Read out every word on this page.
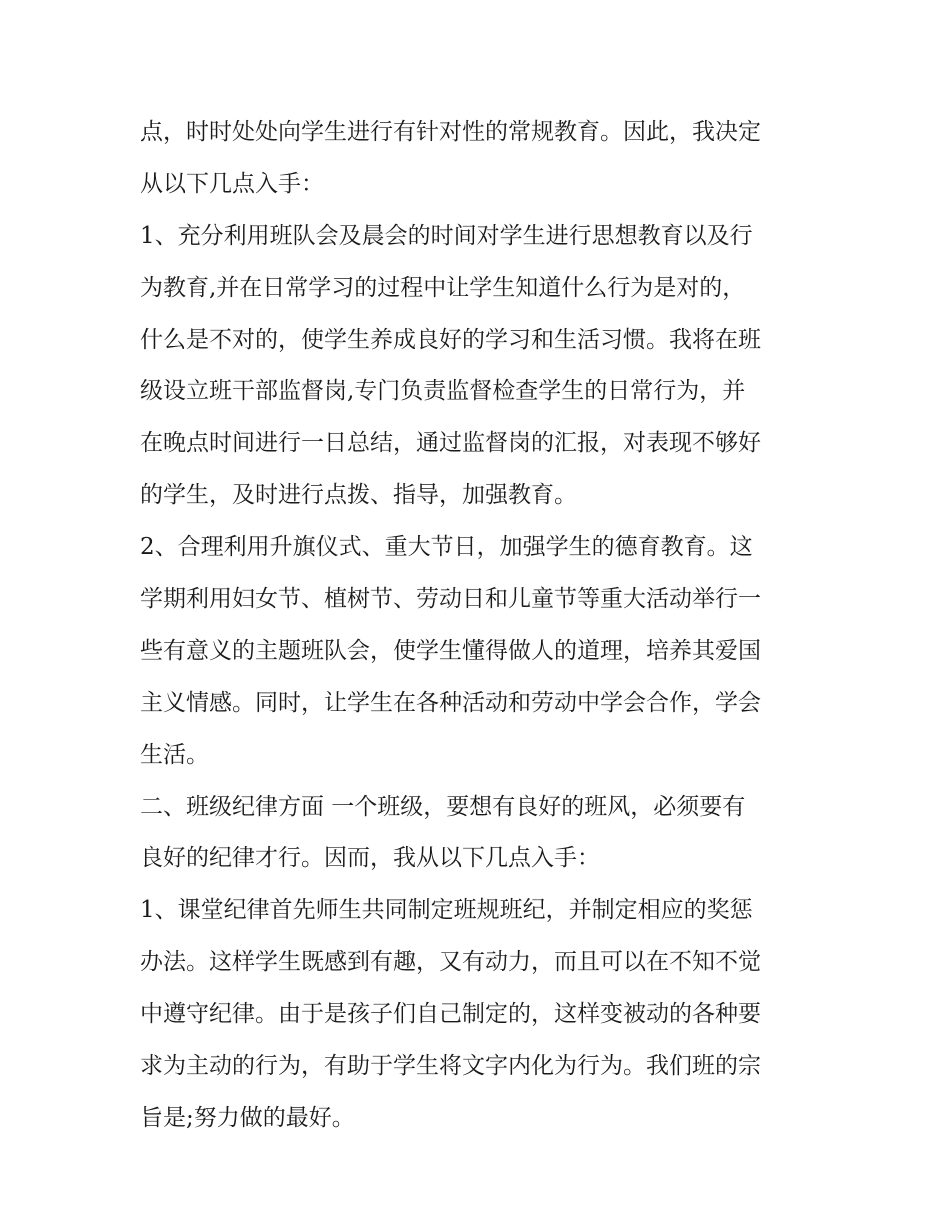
点，时时处处向学生进行有针对性的常规教育。因此，我决定
从以下几点入手：
1、充分利用班队会及晨会的时间对学生进行思想教育以及行
为教育,并在日常学习的过程中让学生知道什么行为是对的，
什么是不对的，使学生养成良好的学习和生活习惯。我将在班
级设立班干部监督岗,专门负责监督检查学生的日常行为，并
在晚点时间进行一日总结，通过监督岗的汇报，对表现不够好
的学生，及时进行点拨、指导，加强教育。
2、合理利用升旗仪式、重大节日，加强学生的德育教育。这
学期利用妇女节、植树节、劳动日和儿童节等重大活动举行一
些有意义的主题班队会，使学生懂得做人的道理，培养其爱国
主义情感。同时，让学生在各种活动和劳动中学会合作，学会
生活。
二、班级纪律方面 一个班级，要想有良好的班风，必须要有
良好的纪律才行。因而，我从以下几点入手：
1、课堂纪律首先师生共同制定班规班纪，并制定相应的奖惩
办法。这样学生既感到有趣，又有动力，而且可以在不知不觉
中遵守纪律。由于是孩子们自己制定的，这样变被动的各种要
求为主动的行为，有助于学生将文字内化为行为。我们班的宗
旨是;努力做的最好。
